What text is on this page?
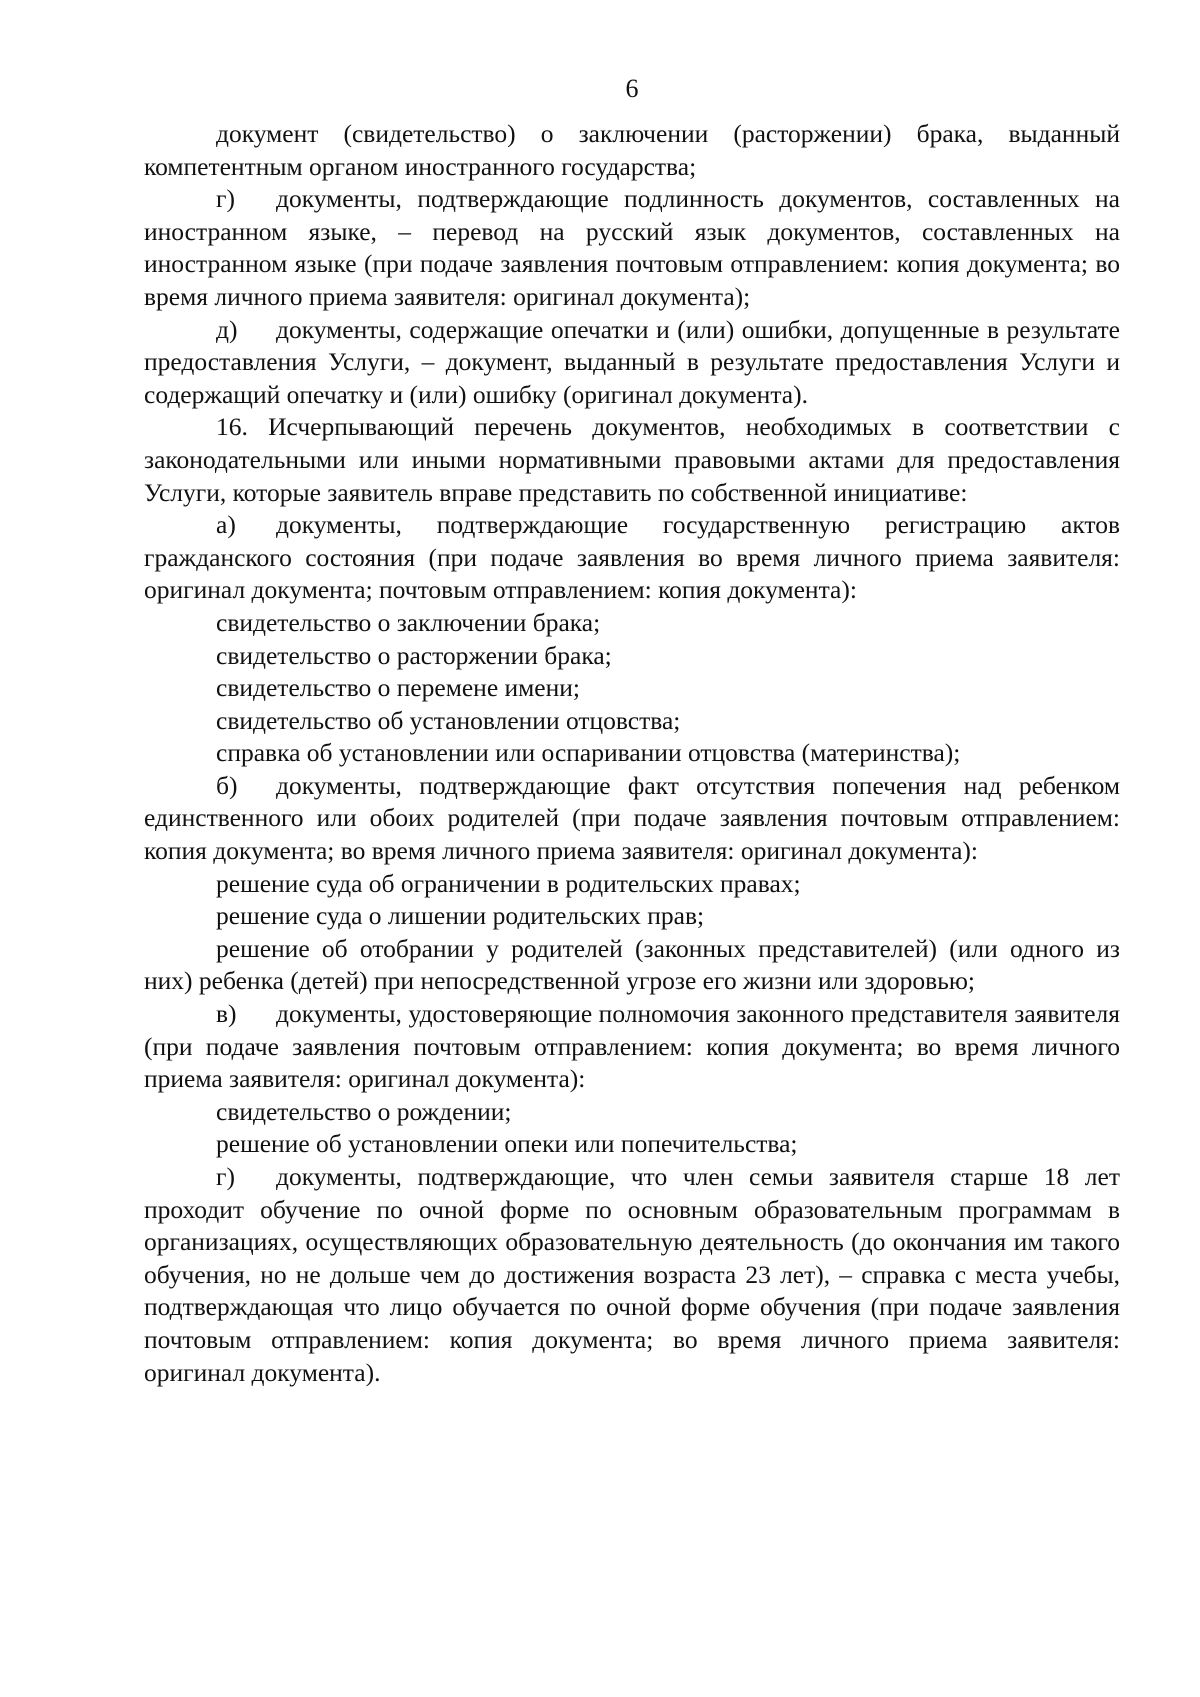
6

документ (свидетельство) о заключении (расторжении) брака, выданный компетентным органом иностранного государства;

г) документы, подтверждающие подлинность документов, составленных на иностранном языке, – перевод на русский язык документов, составленных на иностранном языке (при подаче заявления почтовым отправлением: копия документа; во время личного приема заявителя: оригинал документа);

д) документы, содержащие опечатки и (или) ошибки, допущенные в результате предоставления Услуги, – документ, выданный в результате предоставления Услуги и содержащий опечатку и (или) ошибку (оригинал документа).

16. Исчерпывающий перечень документов, необходимых в соответствии с законодательными или иными нормативными правовыми актами для предоставления Услуги, которые заявитель вправе представить по собственной инициативе:

а) документы, подтверждающие государственную регистрацию актов гражданского состояния (при подаче заявления во время личного приема заявителя: оригинал документа; почтовым отправлением: копия документа):

свидетельство о заключении брака;

свидетельство о расторжении брака;

свидетельство о перемене имени;

свидетельство об установлении отцовства;

справка об установлении или оспаривании отцовства (материнства);

б) документы, подтверждающие факт отсутствия попечения над ребенком единственного или обоих родителей (при подаче заявления почтовым отправлением: копия документа; во время личного приема заявителя: оригинал документа):

решение суда об ограничении в родительских правах;

решение суда о лишении родительских прав;

решение об отобрании у родителей (законных представителей) (или одного из них) ребенка (детей) при непосредственной угрозе его жизни или здоровью;

в) документы, удостоверяющие полномочия законного представителя заявителя (при подаче заявления почтовым отправлением: копия документа; во время личного приема заявителя: оригинал документа):

свидетельство о рождении;

решение об установлении опеки или попечительства;

г) документы, подтверждающие, что член семьи заявителя старше 18 лет проходит обучение по очной форме по основным образовательным программам в организациях, осуществляющих образовательную деятельность (до окончания им такого обучения, но не дольше чем до достижения возраста 23 лет), – справка с места учебы, подтверждающая что лицо обучается по очной форме обучения (при подаче заявления почтовым отправлением: копия документа; во время личного приема заявителя: оригинал документа).
